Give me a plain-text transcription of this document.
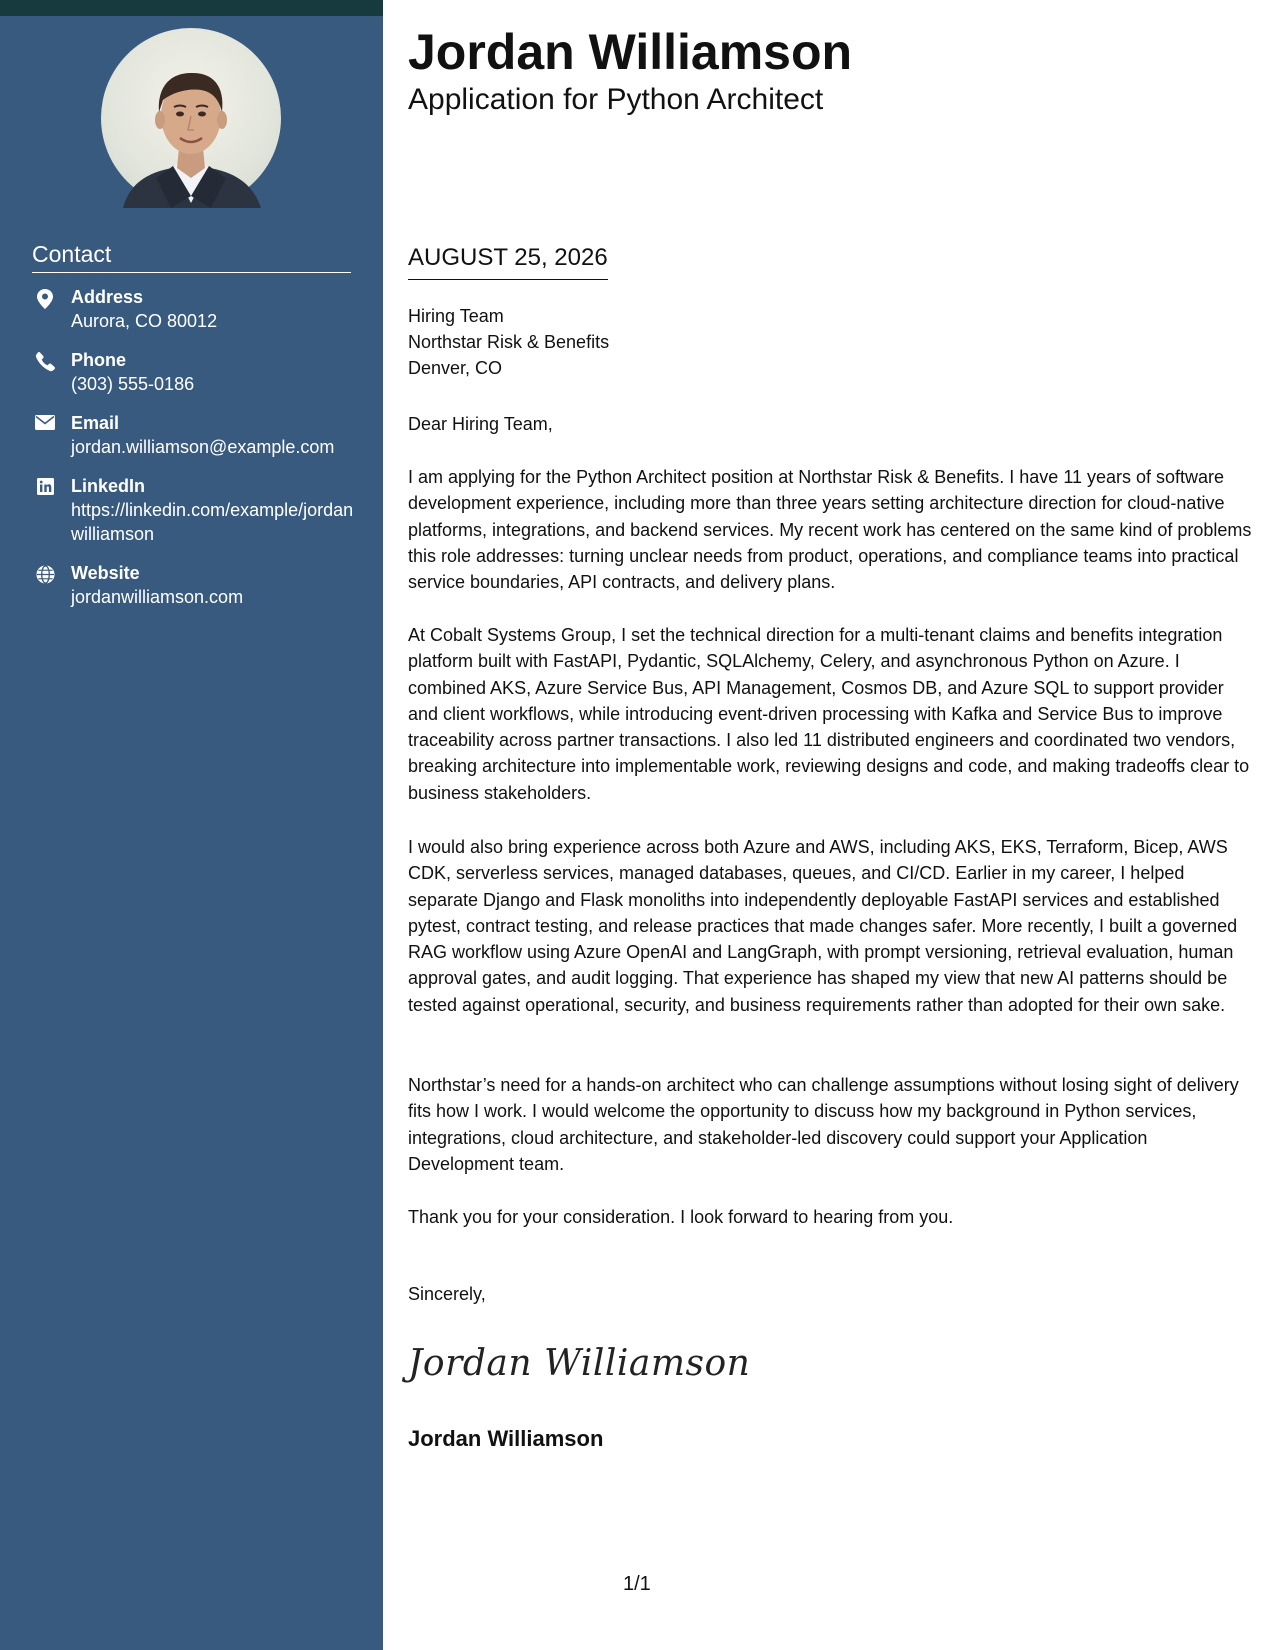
Contact
Address
Aurora, CO 80012
Phone
(303) 555-0186
Email
jordan.williamson@example.com
LinkedIn
https://linkedin.com/example/jordanwilliamson
Website
jordanwilliamson.com
Jordan Williamson
Application for Python Architect
AUGUST 25, 2026
Hiring Team
Northstar Risk & Benefits
Denver, CO
Dear Hiring Team,

I am applying for the Python Architect position at Northstar Risk & Benefits. I have 11 years of software development experience, including more than three years setting architecture direction for cloud-native platforms, integrations, and backend services. My recent work has centered on the same kind of problems this role addresses: turning unclear needs from product, operations, and compliance teams into practical service boundaries, API contracts, and delivery plans.

At Cobalt Systems Group, I set the technical direction for a multi-tenant claims and benefits integration platform built with FastAPI, Pydantic, SQLAlchemy, Celery, and asynchronous Python on Azure. I combined AKS, Azure Service Bus, API Management, Cosmos DB, and Azure SQL to support provider and client workflows, while introducing event-driven processing with Kafka and Service Bus to improve traceability across partner transactions. I also led 11 distributed engineers and coordinated two vendors, breaking architecture into implementable work, reviewing designs and code, and making tradeoffs clear to business stakeholders.

I would also bring experience across both Azure and AWS, including AKS, EKS, Terraform, Bicep, AWS CDK, serverless services, managed databases, queues, and CI/CD. Earlier in my career, I helped separate Django and Flask monoliths into independently deployable FastAPI services and established pytest, contract testing, and release practices that made changes safer. More recently, I built a governed RAG workflow using Azure OpenAI and LangGraph, with prompt versioning, retrieval evaluation, human approval gates, and audit logging. That experience has shaped my view that new AI patterns should be tested against operational, security, and business requirements rather than adopted for their own sake.

Northstar’s need for a hands-on architect who can challenge assumptions without losing sight of delivery fits how I work. I would welcome the opportunity to discuss how my background in Python services, integrations, cloud architecture, and stakeholder-led discovery could support your Application Development team.

Thank you for your consideration. I look forward to hearing from you.

Sincerely,
Jordan Williamson
Jordan Williamson
1/1
